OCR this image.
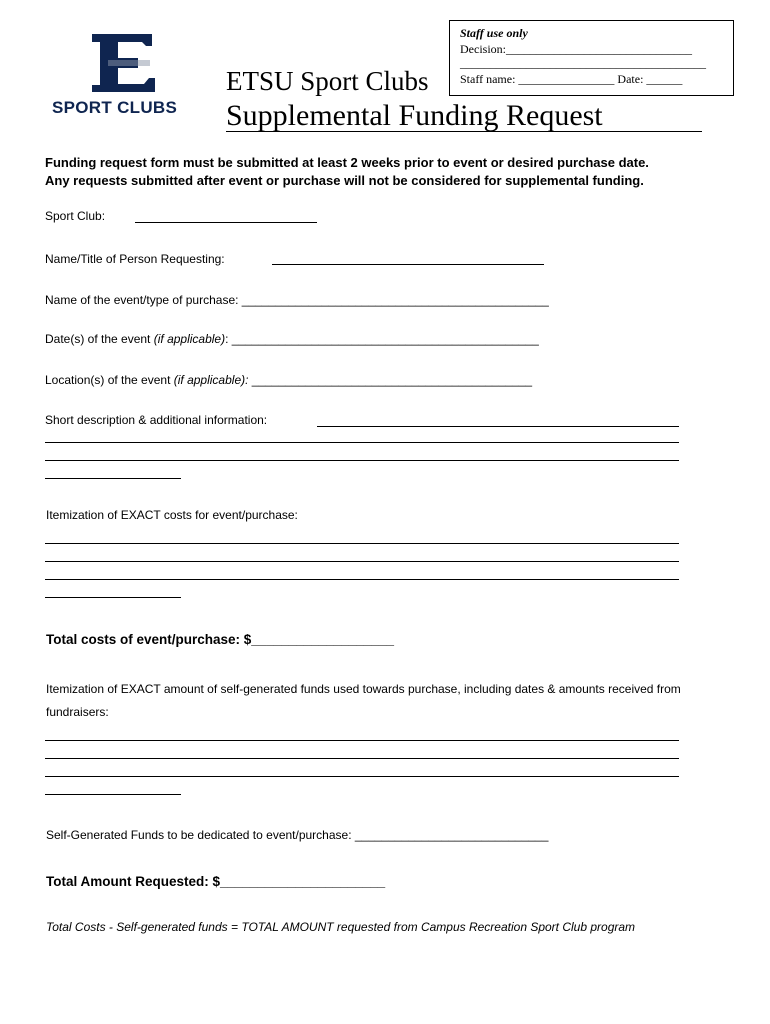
SPORT CLUBS
Staff use only
Decision:_______________________________
_________________________________________
Staff name: ________________ Date: ______
ETSU Sport Clubs
Supplemental Funding Request
Funding request form must be submitted at least 2 weeks prior to event or desired purchase date.
Any requests submitted after event or purchase will not be considered for supplemental funding.
Sport Club:
Name/Title of Person Requesting:
Name of the event/type of purchase: ______________________________________________
Date(s) of the event (if applicable): ______________________________________________
Location(s) of the event (if applicable): __________________________________________
Short description & additional information:
Itemization of EXACT costs for event/purchase:
Total costs of event/purchase: $___________________
Itemization of EXACT amount of self-generated funds used towards purchase, including dates & amounts received from
fundraisers:
Self-Generated Funds to be dedicated to event/purchase: _____________________________
Total Amount Requested: $______________________
Total Costs - Self-generated funds = TOTAL AMOUNT requested from Campus Recreation Sport Club program
